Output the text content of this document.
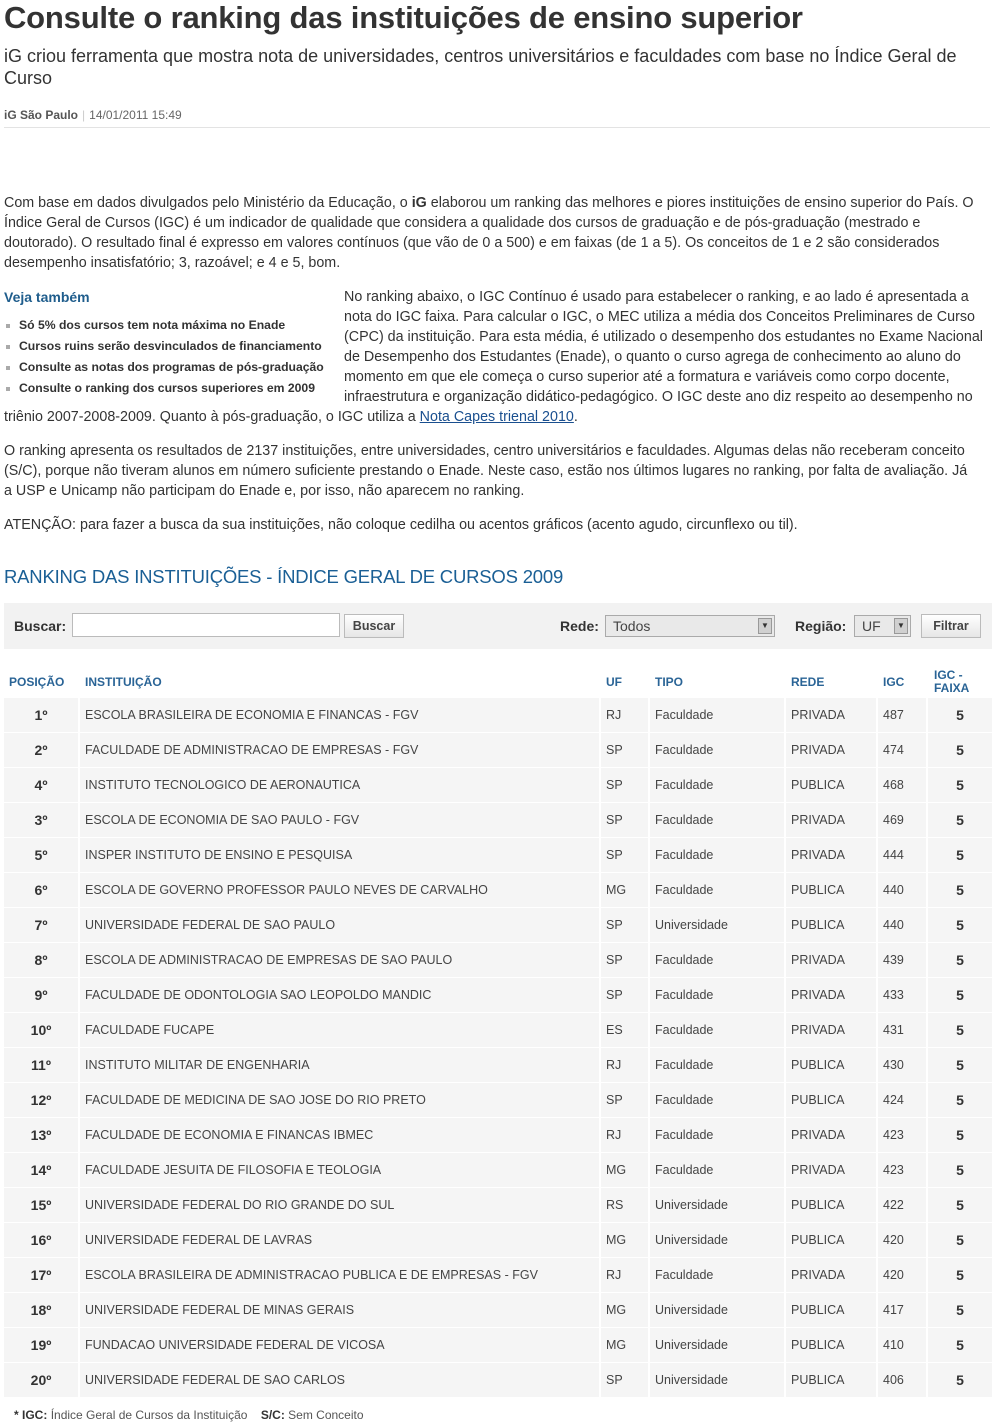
Consulte o ranking das instituições de ensino superior
iG criou ferramenta que mostra nota de universidades, centros universitários e faculdades com base no Índice Geral de Curso
iG São Paulo | 14/01/2011 15:49
Com base em dados divulgados pelo Ministério da Educação, o iG elaborou um ranking das melhores e piores instituições de ensino superior do País. O Índice Geral de Cursos (IGC) é um indicador de qualidade que considera a qualidade dos cursos de graduação e de pós-graduação (mestrado e doutorado). O resultado final é expresso em valores contínuos (que vão de 0 a 500) e em faixas (de 1 a 5). Os conceitos de 1 e 2 são considerados desempenho insatisfatório; 3, razoável; e 4 e 5, bom.
Veja também
Só 5% dos cursos tem nota máxima no Enade
Cursos ruins serão desvinculados de financiamento
Consulte as notas dos programas de pós-graduação
Consulte o ranking dos cursos superiores em 2009
No ranking abaixo, o IGC Contínuo é usado para estabelecer o ranking, e ao lado é apresentada a nota do IGC faixa. Para calcular o IGC, o MEC utiliza a média dos Conceitos Preliminares de Curso (CPC) da instituição. Para esta média, é utilizado o desempenho dos estudantes no Exame Nacional de Desempenho dos Estudantes (Enade), o quanto o curso agrega de conhecimento ao aluno do momento em que ele começa o curso superior até a formatura e variáveis como corpo docente, infraestrutura e organização didático-pedagógico. O IGC deste ano diz respeito ao desempenho no
triênio 2007-2008-2009. Quanto à pós-graduação, o IGC utiliza a Nota Capes trienal 2010.
O ranking apresenta os resultados de 2137 instituições, entre universidades, centro universitários e faculdades. Algumas delas não receberam conceito (S/C), porque não tiveram alunos em número suficiente prestando o Enade. Neste caso, estão nos últimos lugares no ranking, por falta de avaliação. Já a USP e Unicamp não participam do Enade e, por isso, não aparecem no ranking.
ATENÇÃO: para fazer a busca da sua instituições, não coloque cedilha ou acentos gráficos (acento agudo, circunflexo ou til).
RANKING DAS INSTITUIÇÕES - ÍNDICE GERAL DE CURSOS 2009
Buscar:	Buscar	Rede:	Todos	▼ Região:	UF	▼	Filtrar
POSIÇÃO	INSTITUIÇÃO	UF	TIPO	REDE	IGC	IGC - FAIXA
1º	ESCOLA BRASILEIRA DE ECONOMIA E FINANCAS - FGV	RJ	Faculdade	PRIVADA	487	5
2º	FACULDADE DE ADMINISTRACAO DE EMPRESAS - FGV	SP	Faculdade	PRIVADA	474	5
4º	INSTITUTO TECNOLOGICO DE AERONAUTICA	SP	Faculdade	PUBLICA	468	5
3º	ESCOLA DE ECONOMIA DE SAO PAULO - FGV	SP	Faculdade	PRIVADA	469	5
5º	INSPER INSTITUTO DE ENSINO E PESQUISA	SP	Faculdade	PRIVADA	444	5
6º	ESCOLA DE GOVERNO PROFESSOR PAULO NEVES DE CARVALHO	MG	Faculdade	PUBLICA	440	5
7º	UNIVERSIDADE FEDERAL DE SAO PAULO	SP	Universidade	PUBLICA	440	5
8º	ESCOLA DE ADMINISTRACAO DE EMPRESAS DE SAO PAULO	SP	Faculdade	PRIVADA	439	5
9º	FACULDADE DE ODONTOLOGIA SAO LEOPOLDO MANDIC	SP	Faculdade	PRIVADA	433	5
10º	FACULDADE FUCAPE	ES	Faculdade	PRIVADA	431	5
11º	INSTITUTO MILITAR DE ENGENHARIA	RJ	Faculdade	PUBLICA	430	5
12º	FACULDADE DE MEDICINA DE SAO JOSE DO RIO PRETO	SP	Faculdade	PUBLICA	424	5
13º	FACULDADE DE ECONOMIA E FINANCAS IBMEC	RJ	Faculdade	PRIVADA	423	5
14º	FACULDADE JESUITA DE FILOSOFIA E TEOLOGIA	MG	Faculdade	PRIVADA	423	5
15º	UNIVERSIDADE FEDERAL DO RIO GRANDE DO SUL	RS	Universidade	PUBLICA	422	5
16º	UNIVERSIDADE FEDERAL DE LAVRAS	MG	Universidade	PUBLICA	420	5
17º	ESCOLA BRASILEIRA DE ADMINISTRACAO PUBLICA E DE EMPRESAS - FGV	RJ	Faculdade	PRIVADA	420	5
18º	UNIVERSIDADE FEDERAL DE MINAS GERAIS	MG	Universidade	PUBLICA	417	5
19º	FUNDACAO UNIVERSIDADE FEDERAL DE VICOSA	MG	Universidade	PUBLICA	410	5
20º	UNIVERSIDADE FEDERAL DE SAO CARLOS	SP	Universidade	PUBLICA	406	5
* IGC: Índice Geral de Cursos da Instituição S/C: Sem Conceito
